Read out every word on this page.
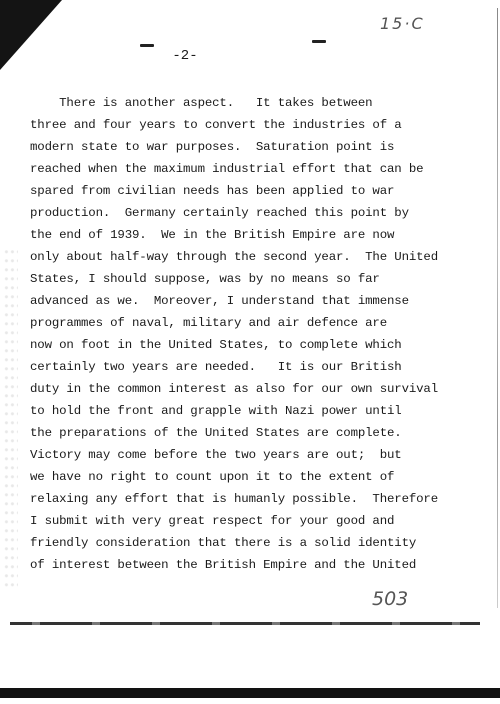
15·C
-2-
There is another aspect.   It takes between
three and four years to convert the industries of a
modern state to war purposes.  Saturation point is
reached when the maximum industrial effort that can be
spared from civilian needs has been applied to war
production.  Germany certainly reached this point by
the end of 1939.  We in the British Empire are now
only about half-way through the second year.  The United
States, I should suppose, was by no means so far
advanced as we.  Moreover, I understand that immense
programmes of naval, military and air defence are
now on foot in the United States, to complete which
certainly two years are needed.   It is our British
duty in the common interest as also for our own survival
to hold the front and grapple with Nazi power until
the preparations of the United States are complete.
Victory may come before the two years are out;  but
we have no right to count upon it to the extent of
relaxing any effort that is humanly possible.  Therefore
I submit with very great respect for your good and
friendly consideration that there is a solid identity
of interest between the British Empire and the United
503
